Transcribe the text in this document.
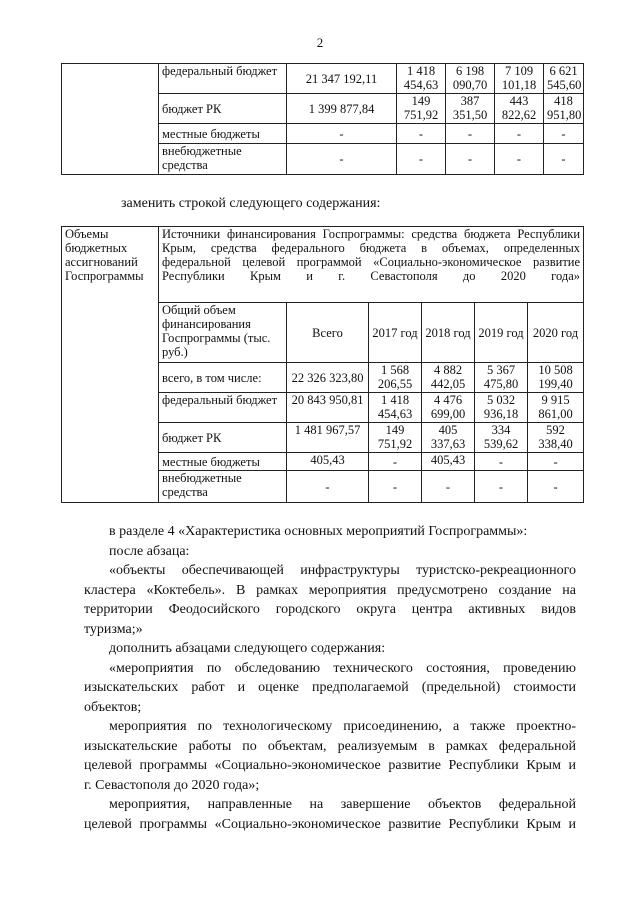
2
	федеральный бюджет	21 347 192,11	1 418 454,63	6 198 090,70	7 109 101,18	6 621 545,60
	бюджет РК	1 399 877,84	149 751,92	387 351,50	443 822,62	418 951,80
	местные бюджеты	-	-	-	-	-
	внебюджетные средства	-	-	-	-	-
заменить строкой следующего содержания:
Объемы бюджетных ассигнований Госпрограммы	Источники финансирования Госпрограммы: средства бюджета Республики Крым, средства федерального бюджета в объемах, определенных федеральной целевой программой «Социально-экономическое развитие Республики Крым и г. Севастополя до 2020 года»					
	Общий объем финансирования Госпрограммы (тыс. руб.)	Всего	2017 год	2018 год	2019 год	2020 год
	всего, в том числе:	22 326 323,80	1 568 206,55	4 882 442,05	5 367 475,80	10 508 199,40
	федеральный бюджет	20 843 950,81	1 418 454,63	4 476 699,00	5 032 936,18	9 915 861,00
	бюджет РК	1 481 967,57	149 751,92	405 337,63	334 539,62	592 338,40
	местные бюджеты	405,43	-	405,43	-	-
	внебюджетные средства	-	-	-	-	-

в разделе 4 «Характеристика основных мероприятий Госпрограммы»:

после абзаца:

«объекты обеспечивающей инфраструктуры туристско-рекреационного

кластера «Коктебель». В рамках мероприятия предусмотрено создание на

территории Феодосийского городского округа центра активных видов

туризма;»

дополнить абзацами следующего содержания:

«мероприятия по обследованию технического состояния, проведению

изыскательских работ и оценке предполагаемой (предельной) стоимости

объектов;

мероприятия по технологическому присоединению, а также проектно-

изыскательские работы по объектам, реализуемым в рамках федеральной

целевой программы «Социально-экономическое развитие Республики Крым и

г. Севастополя до 2020 года»;

мероприятия, направленные на завершение объектов федеральной

целевой программы «Социально-экономическое развитие Республики Крым и
